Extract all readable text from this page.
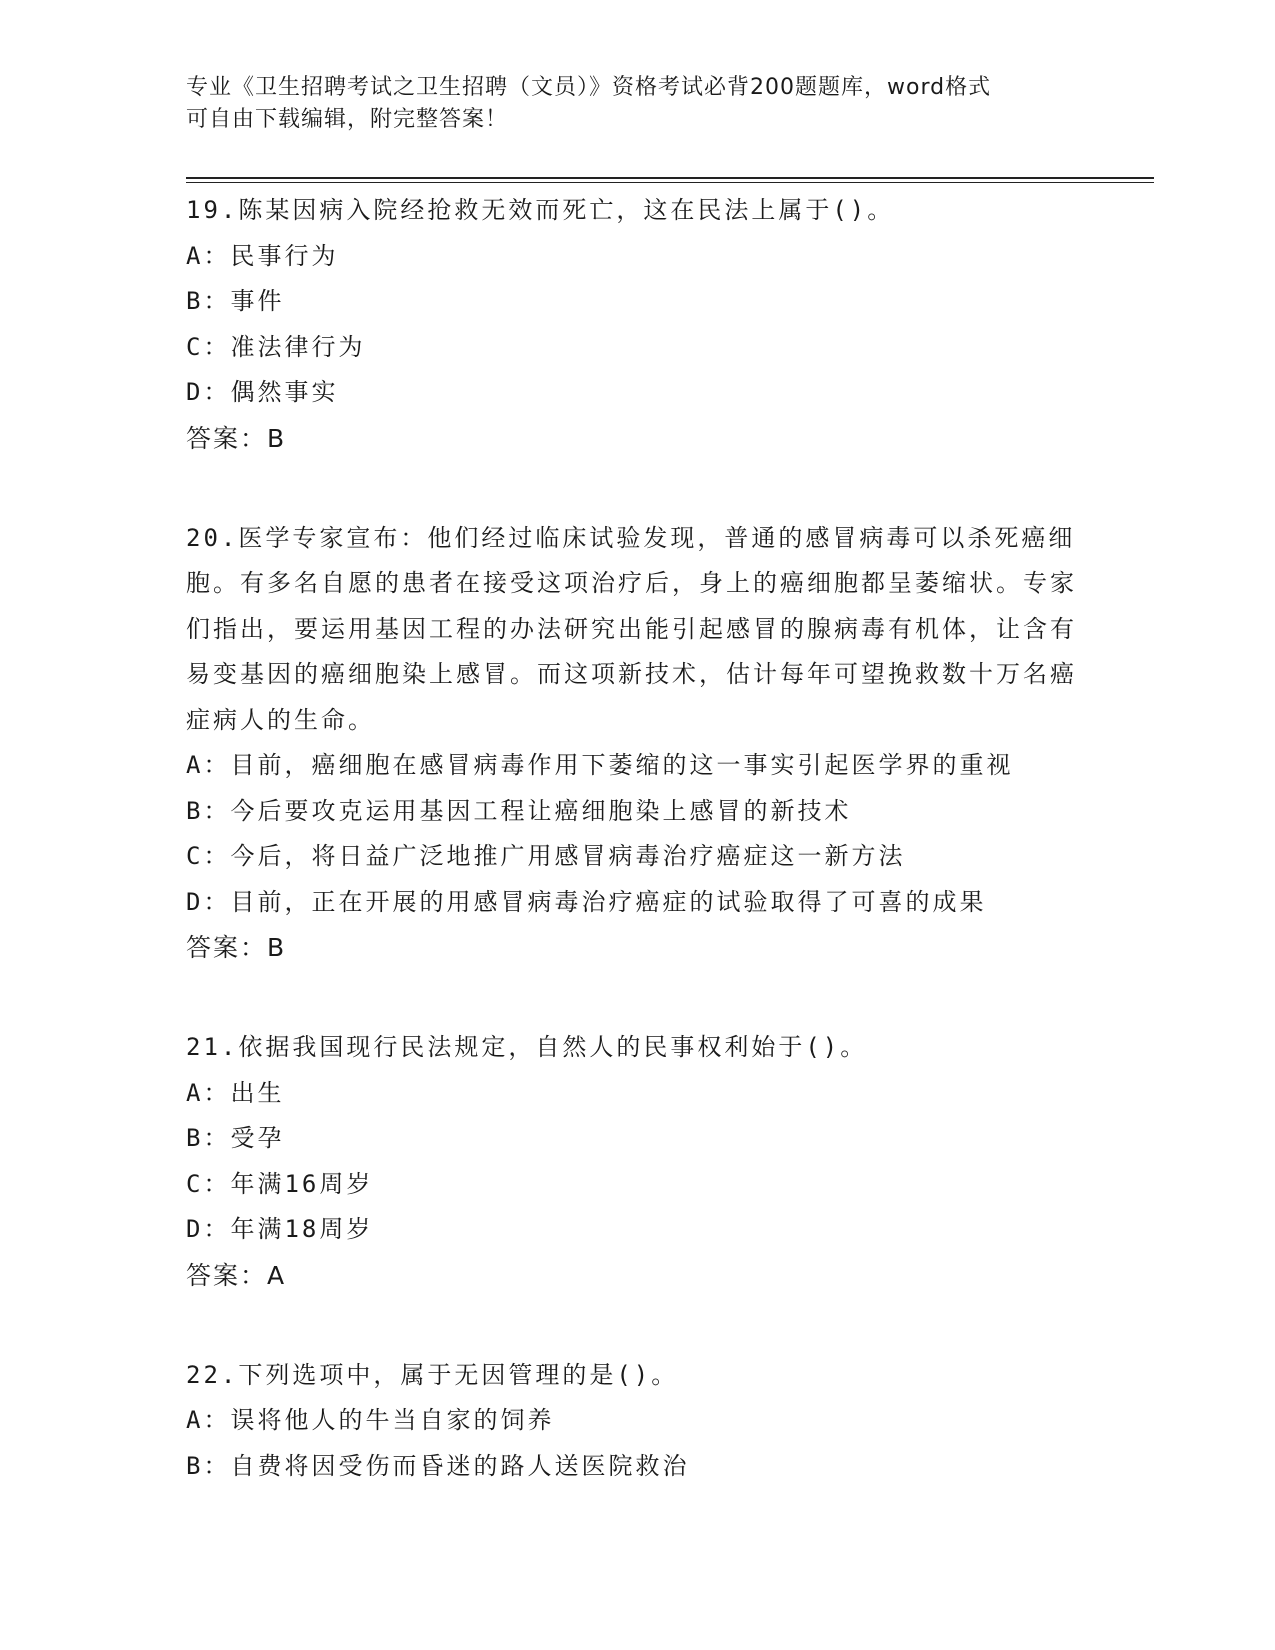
专业《卫生招聘考试之卫生招聘（文员）》资格考试必背200题题库，word格式
可自由下载编辑，附完整答案！
19.陈某因病入院经抢救无效而死亡，这在民法上属于()。
A：民事行为
B：事件
C：准法律行为
D：偶然事实
答案：B
20.医学专家宣布：他们经过临床试验发现，普通的感冒病毒可以杀死癌细胞。有多名自愿的患者在接受这项治疗后，身上的癌细胞都呈萎缩状。专家们指出，要运用基因工程的办法研究出能引起感冒的腺病毒有机体，让含有易变基因的癌细胞染上感冒。而这项新技术，估计每年可望挽救数十万名癌症病人的生命。
A：目前，癌细胞在感冒病毒作用下萎缩的这一事实引起医学界的重视
B：今后要攻克运用基因工程让癌细胞染上感冒的新技术
C：今后，将日益广泛地推广用感冒病毒治疗癌症这一新方法
D：目前，正在开展的用感冒病毒治疗癌症的试验取得了可喜的成果
答案：B
21.依据我国现行民法规定，自然人的民事权利始于()。
A：出生
B：受孕
C：年满16周岁
D：年满18周岁
答案：A
22.下列选项中，属于无因管理的是()。
A：误将他人的牛当自家的饲养
B：自费将因受伤而昏迷的路人送医院救治
